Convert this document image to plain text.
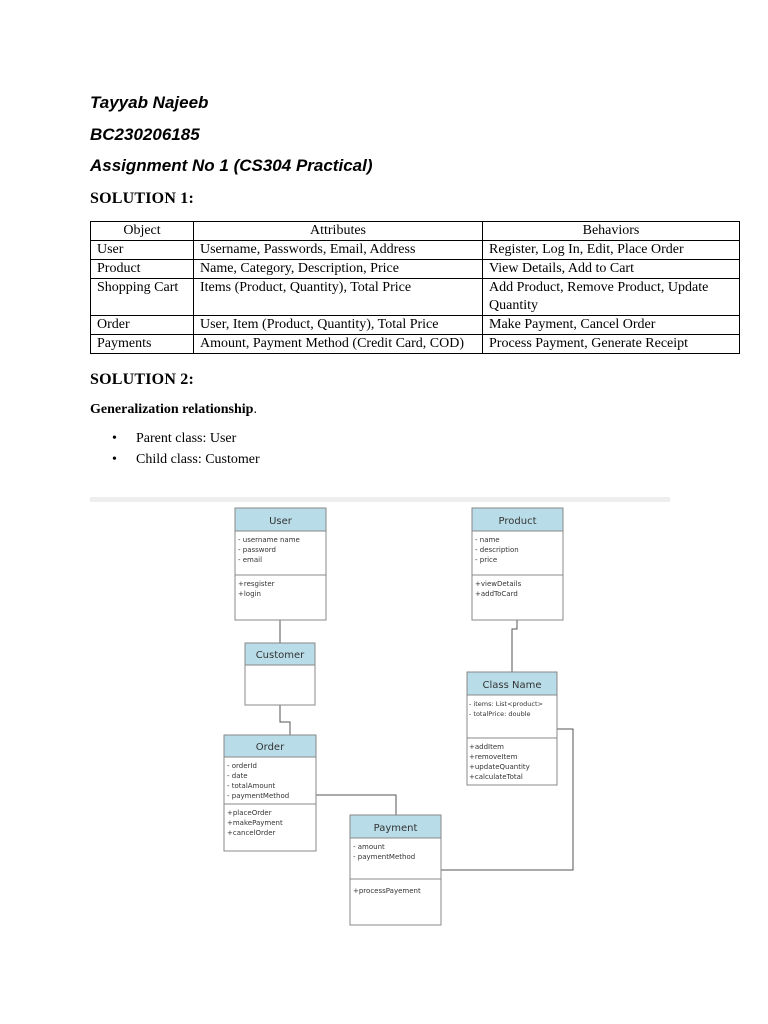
Tayyab Najeeb
BC230206185
Assignment No 1 (CS304 Practical)
SOLUTION 1:
Object	Attributes	Behaviors
User	Username, Passwords, Email, Address	Register, Log In, Edit, Place Order
Product	Name, Category, Description, Price	View Details, Add to Cart
Shopping Cart	Items (Product, Quantity), Total Price	Add Product, Remove Product, Update Quantity
Order	User, Item (Product, Quantity), Total Price	Make Payment, Cancel Order
Payments	Amount, Payment Method (Credit Card, COD)	Process Payment, Generate Receipt
SOLUTION 2:
Generalization relationship.
• Parent class: User
• Child class: Customer
User
- username name
- password
- email
+resgister
+login
Product
- name
- description
- price
+viewDetails
+addToCard
Customer
Class Name
- items: List<product>
- totalPrice: double
+addItem
+removeItem
+updateQuantity
+calculateTotal
Order
- orderId
- date
- totalAmount
- paymentMethod
+placeOrder
+makePayment
+cancelOrder	Payment
- amount
- paymentMethod
+processPayement
